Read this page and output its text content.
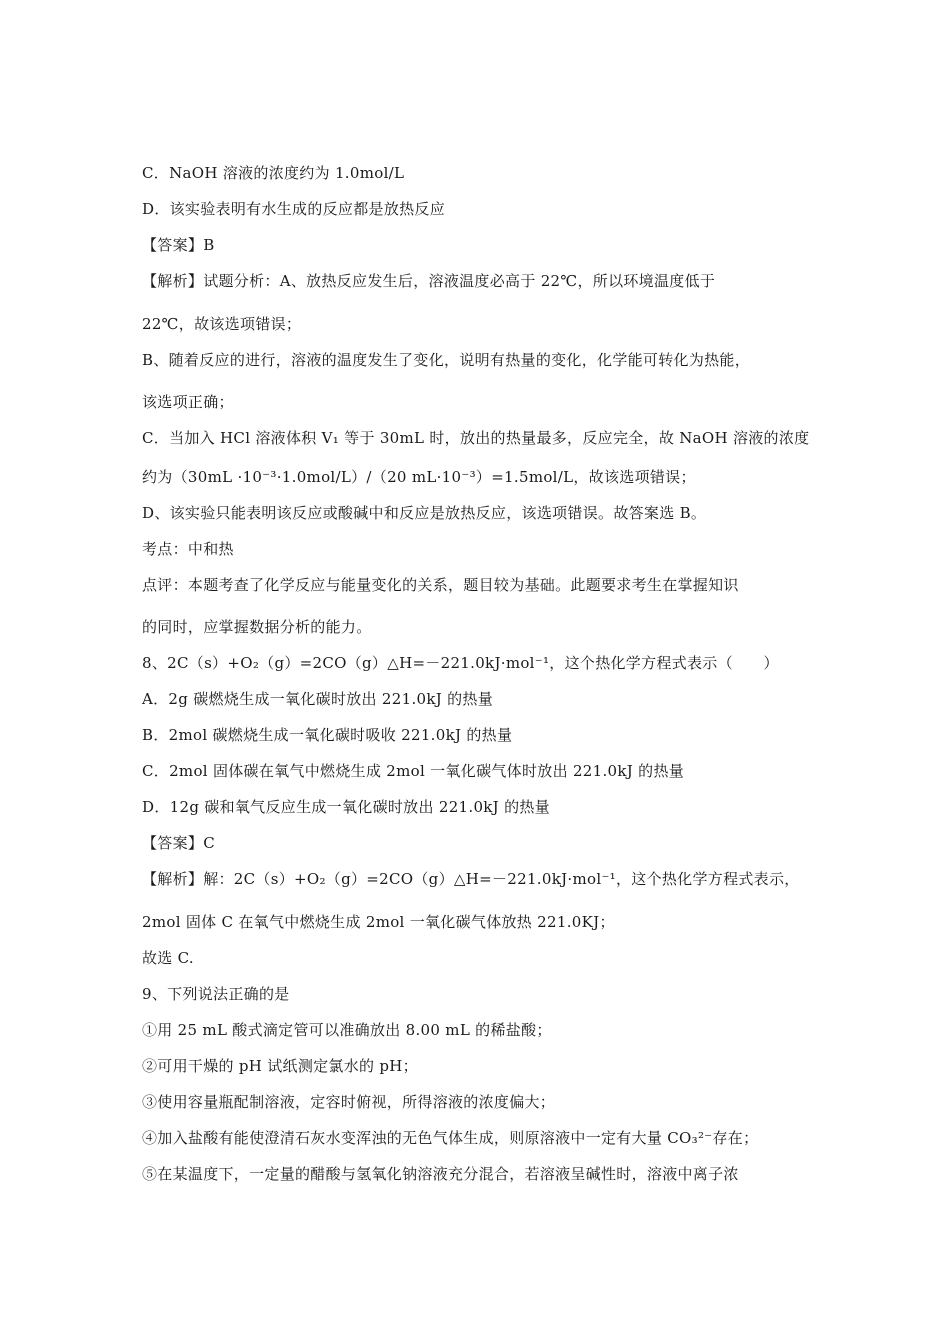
C．NaOH 溶液的浓度约为 1.0mol/L
D．该实验表明有水生成的反应都是放热反应
【答案】B
【解析】试题分析：A、放热反应发生后，溶液温度必高于 22℃，所以环境温度低于
22℃，故该选项错误；
B、随着反应的进行，溶液的温度发生了变化，说明有热量的变化，化学能可转化为热能，
该选项正确；
C．当加入 HCl 溶液体积 V₁ 等于 30mL 时，放出的热量最多，反应完全，故 NaOH 溶液的浓度
约为（30mL ·10⁻³·1.0mol/L）/（20 mL·10⁻³）=1.5mol/L，故该选项错误；
D、该实验只能表明该反应或酸碱中和反应是放热反应，该选项错误。故答案选 B。
考点：中和热
点评：本题考查了化学反应与能量变化的关系，题目较为基础。此题要求考生在掌握知识
的同时，应掌握数据分析的能力。
8、2C（s）+O₂（g）=2CO（g）△H=－221.0kJ·mol⁻¹，这个热化学方程式表示（　　）
A．2g 碳燃烧生成一氧化碳时放出 221.0kJ 的热量
B．2mol 碳燃烧生成一氧化碳时吸收 221.0kJ 的热量
C．2mol 固体碳在氧气中燃烧生成 2mol 一氧化碳气体时放出 221.0kJ 的热量
D．12g 碳和氧气反应生成一氧化碳时放出 221.0kJ 的热量
【答案】C
【解析】解：2C（s）+O₂（g）=2CO（g）△H=－221.0kJ·mol⁻¹，这个热化学方程式表示，
2mol 固体 C 在氧气中燃烧生成 2mol 一氧化碳气体放热 221.0KJ；
故选 C.
9、下列说法正确的是
①用 25 mL 酸式滴定管可以准确放出 8.00 mL 的稀盐酸；
②可用干燥的 pH 试纸测定氯水的 pH；
③使用容量瓶配制溶液，定容时俯视，所得溶液的浓度偏大；
④加入盐酸有能使澄清石灰水变浑浊的无色气体生成，则原溶液中一定有大量 CO₃²⁻存在；
⑤在某温度下，一定量的醋酸与氢氧化钠溶液充分混合，若溶液呈碱性时，溶液中离子浓
